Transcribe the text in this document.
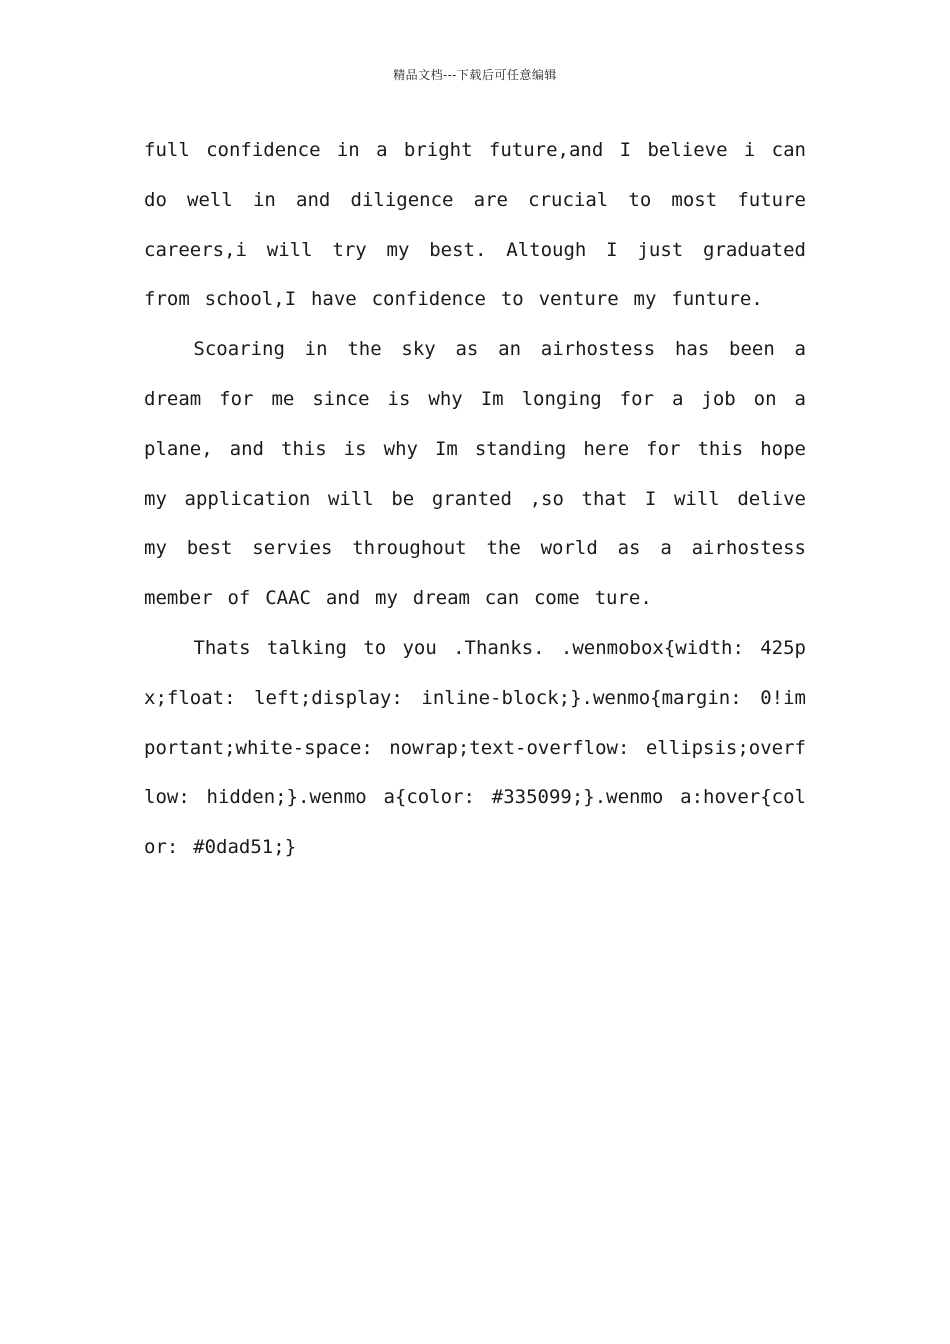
精品文档---下载后可任意编辑

full confidence in a bright future,and I believe i can do well in and diligence are crucial to most future careers,i will try my best. Altough I just graduated from school,I have confidence to venture my funture.

Scoaring in the sky as an airhostess has been a dream for me since is why Im longing for a job on a plane, and this is why Im standing here for this hope my application will be granted ,so that I will delive my best servies throughout the world as a airhostess member of CAAC and my dream can come ture.

Thats talking to you .Thanks. .wenmobox{width: 425px;float: left;display: inline-block;}.wenmo{margin: 0!important;white-space: nowrap;text-overflow: ellipsis;overflow: hidden;}.wenmo a{color: #335099;}.wenmo a:hover{color: #0dad51;}
